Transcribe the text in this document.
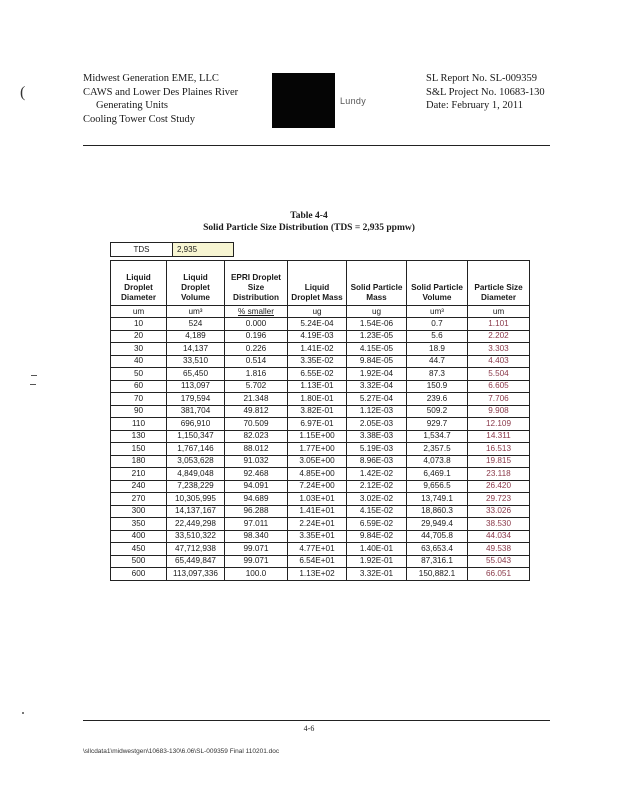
(
Midwest Generation EME, LLC
CAWS and Lower Des Plaines River
Generating Units
Cooling Tower Cost Study
Lundy
SL Report No. SL-009359
S&L Project No. 10683-130
Date: February 1, 2011
Table 4-4
Solid Particle Size Distribution (TDS = 2,935 ppmw)
TDS	2,935
Liquid Droplet Diameter	Liquid Droplet Volume	EPRI Droplet Size Distribution	Liquid Droplet Mass	Solid Particle Mass	Solid Particle Volume	Particle Size Diameter
um	um³	% smaller	ug	ug	um³	um
10	524	0.000	5.24E-04	1.54E-06	0.7	1.101
20	4,189	0.196	4.19E-03	1.23E-05	5.6	2.202
30	14,137	0.226	1.41E-02	4.15E-05	18.9	3.303
40	33,510	0.514	3.35E-02	9.84E-05	44.7	4.403
50	65,450	1.816	6.55E-02	1.92E-04	87.3	5.504
60	113,097	5.702	1.13E-01	3.32E-04	150.9	6.605
70	179,594	21.348	1.80E-01	5.27E-04	239.6	7.706
90	381,704	49.812	3.82E-01	1.12E-03	509.2	9.908
110	696,910	70.509	6.97E-01	2.05E-03	929.7	12.109
130	1,150,347	82.023	1.15E+00	3.38E-03	1,534.7	14.311
150	1,767,146	88.012	1.77E+00	5.19E-03	2,357.5	16.513
180	3,053,628	91.032	3.05E+00	8.96E-03	4,073.8	19.815
210	4,849,048	92.468	4.85E+00	1.42E-02	6,469.1	23.118
240	7,238,229	94.091	7.24E+00	2.12E-02	9,656.5	26.420
270	10,305,995	94.689	1.03E+01	3.02E-02	13,749.1	29.723
300	14,137,167	96.288	1.41E+01	4.15E-02	18,860.3	33.026
350	22,449,298	97.011	2.24E+01	6.59E-02	29,949.4	38.530
400	33,510,322	98.340	3.35E+01	9.84E-02	44,705.8	44.034
450	47,712,938	99.071	4.77E+01	1.40E-01	63,653.4	49.538
500	65,449,847	99.071	6.54E+01	1.92E-01	87,316.1	55.043
600	113,097,336	100.0	1.13E+02	3.32E-01	150,882.1	66.051
4-6
\sllcdata1\midwestgen\10683-130\6.06\SL-009359 Final 110201.doc
